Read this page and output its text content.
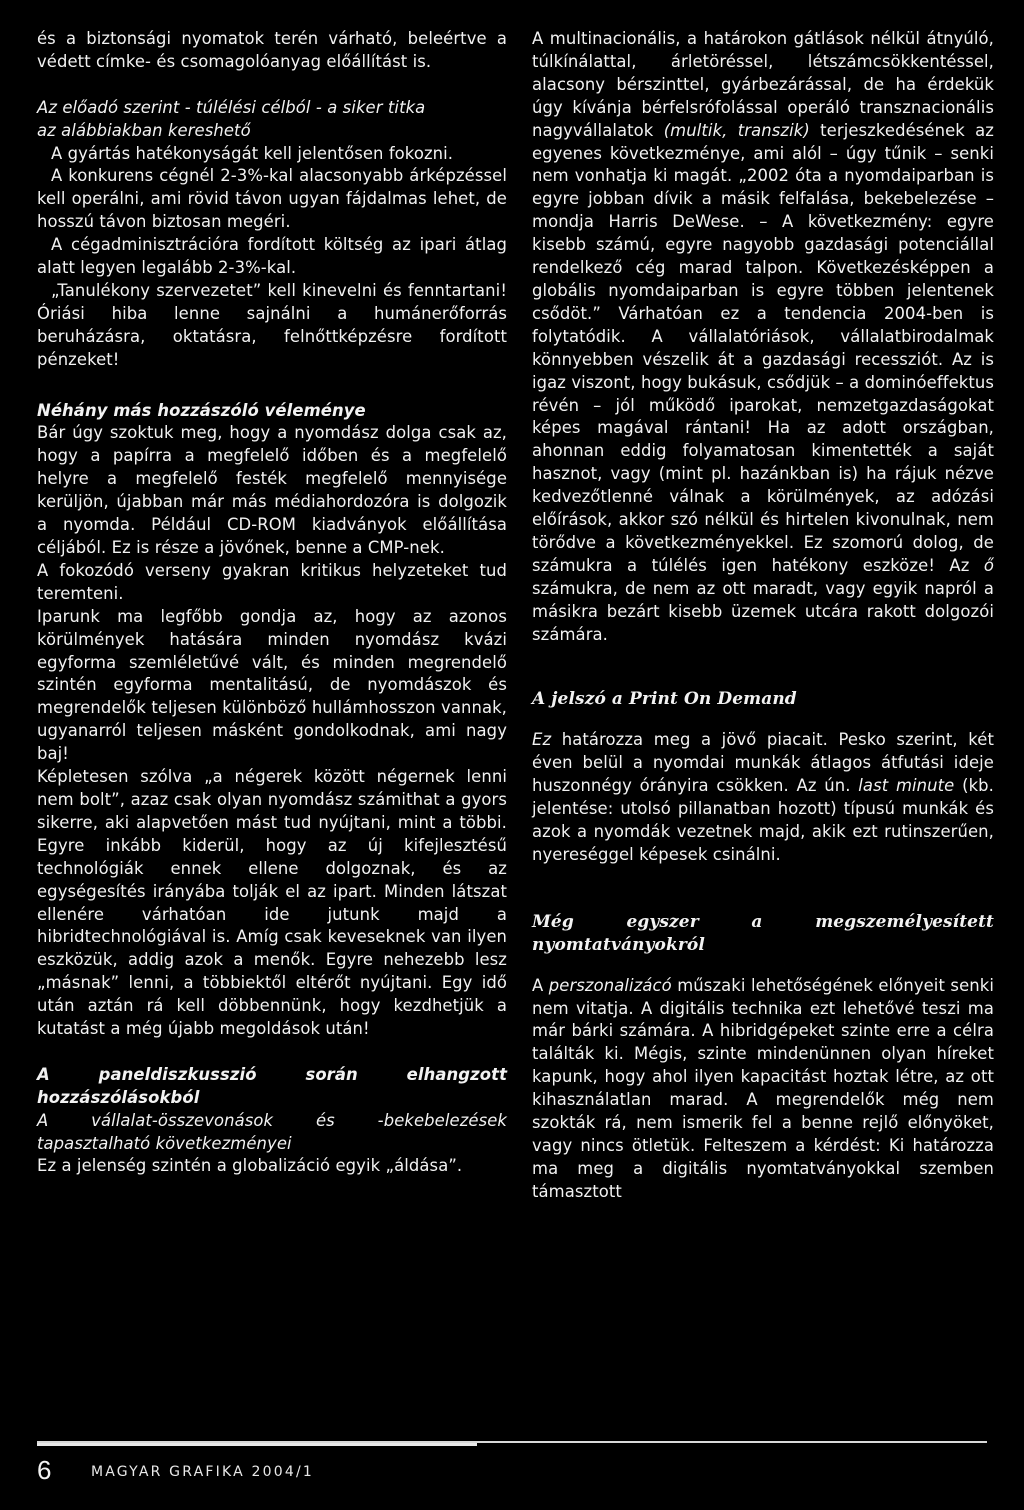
és a biztonsági nyomatok terén várható, beleértve a védett címke- és csomagolóanyag előállítást is.

Az előadó szerint - túlélési célból - a siker titka

az alábbiakban kereshető

A gyártás hatékonyságát kell jelentősen fokozni.

A konkurens cégnél 2-3%-kal alacsonyabb árképzéssel kell operálni, ami rövid távon ugyan fájdalmas lehet, de hosszú távon biztosan megéri.

A cégadminisztrációra fordított költség az ipari átlag alatt legyen legalább 2-3%-kal.

„Tanulékony szervezetet” kell kinevelni és fenntartani! Óriási hiba lenne sajnálni a humánerőforrás beruházásra, oktatásra, felnőttképzésre fordított pénzeket!

Néhány más hozzászóló véleménye

Bár úgy szoktuk meg, hogy a nyomdász dolga csak az, hogy a papírra a megfelelő időben és a megfelelő helyre a megfelelő festék megfelelő mennyisége kerüljön, újabban már más médiahordozóra is dolgozik a nyomda. Például CD-ROM kiadványok előállítása céljából. Ez is része a jövőnek, benne a CMP-nek.

A fokozódó verseny gyakran kritikus helyzeteket tud teremteni.

Iparunk ma legfőbb gondja az, hogy az azonos körülmények hatására minden nyomdász kvázi egyforma szemléletűvé vált, és minden megrendelő szintén egyforma mentalitású, de nyomdászok és megrendelők teljesen különböző hullámhosszon vannak, ugyanarról teljesen másként gondolkodnak, ami nagy baj!

Képletesen szólva „a négerek között négernek lenni nem bolt”, azaz csak olyan nyomdász számithat a gyors sikerre, aki alapvetően mást tud nyújtani, mint a többi. Egyre inkább kiderül, hogy az új kifejlesztésű technológiák ennek ellene dolgoznak, és az egységesítés irányába tolják el az ipart. Minden látszat ellenére várhatóan ide jutunk majd a hibridtechnológiával is. Amíg csak keveseknek van ilyen eszközük, addig azok a menők. Egyre nehezebb lesz „másnak” lenni, a többiektől eltérőt nyújtani. Egy idő után aztán rá kell döbbennünk, hogy kezdhetjük a kutatást a még újabb megoldások után!

A paneldiszkusszió során elhangzott hozzászólásokból

A vállalat-összevonások és -bekebelezések tapasztalható következményei

Ez a jelenség szintén a globalizáció egyik „áldása”.

A multinacionális, a határokon gátlások nélkül átnyúló, túlkínálattal, árletöréssel, létszámcsökkentéssel, alacsony bérszinttel, gyárbezárással, de ha érdekük úgy kívánja bérfelsrófolással operáló transznacionális nagyvállalatok (multik, transzik) terjeszkedésének az egyenes következménye, ami alól – úgy tűnik – senki nem vonhatja ki magát. „2002 óta a nyomdaiparban is egyre jobban dívik a másik felfalása, bekebelezése – mondja Harris DeWese. – A következmény: egyre kisebb számú, egyre nagyobb gazdasági potenciállal rendelkező cég marad talpon. Következésképpen a globális nyomdaiparban is egyre többen jelentenek csődöt.” Várhatóan ez a tendencia 2004-ben is folytatódik. A vállalatóriások, vállalatbirodalmak könnyebben vészelik át a gazdasági recessziót. Az is igaz viszont, hogy bukásuk, csődjük – a dominóeffektus révén – jól működő iparokat, nemzetgazdaságokat képes magával rántani! Ha az adott országban, ahonnan eddig folyamatosan kimentették a saját hasznot, vagy (mint pl. hazánkban is) ha rájuk nézve kedvezőtlenné válnak a körülmények, az adózási előírások, akkor szó nélkül és hirtelen kivonulnak, nem törődve a következményekkel. Ez szomorú dolog, de számukra a túlélés igen hatékony eszköze! Az ő számukra, de nem az ott maradt, vagy egyik napról a másikra bezárt kisebb üzemek utcára rakott dolgozói számára.

A jelszó a Print On Demand

Ez határozza meg a jövő piacait. Pesko szerint, két éven belül a nyomdai munkák átlagos átfutási ideje huszonnégy órányira csökken. Az ún. last minute (kb. jelentése: utolsó pillanatban hozott) típusú munkák és azok a nyomdák vezetnek majd, akik ezt rutinszerűen, nyereséggel képesek csinálni.

Még egyszer a megszemélyesített nyomtatványokról

A perszonalizácó műszaki lehetőségének előnyeit senki nem vitatja. A digitális technika ezt lehetővé teszi ma már bárki számára. A hibridgépeket szinte erre a célra találták ki. Mégis, szinte mindenünnen olyan híreket kapunk, hogy ahol ilyen kapacitást hoztak létre, az ott kihasználatlan marad. A megrendelők még nem szokták rá, nem ismerik fel a benne rejlő előnyöket, vagy nincs ötletük. Felteszem a kérdést: Ki határozza ma meg a digitális nyomtatványokkal szemben támasztott

6	MAGYAR GRAFIKA 2004/1
